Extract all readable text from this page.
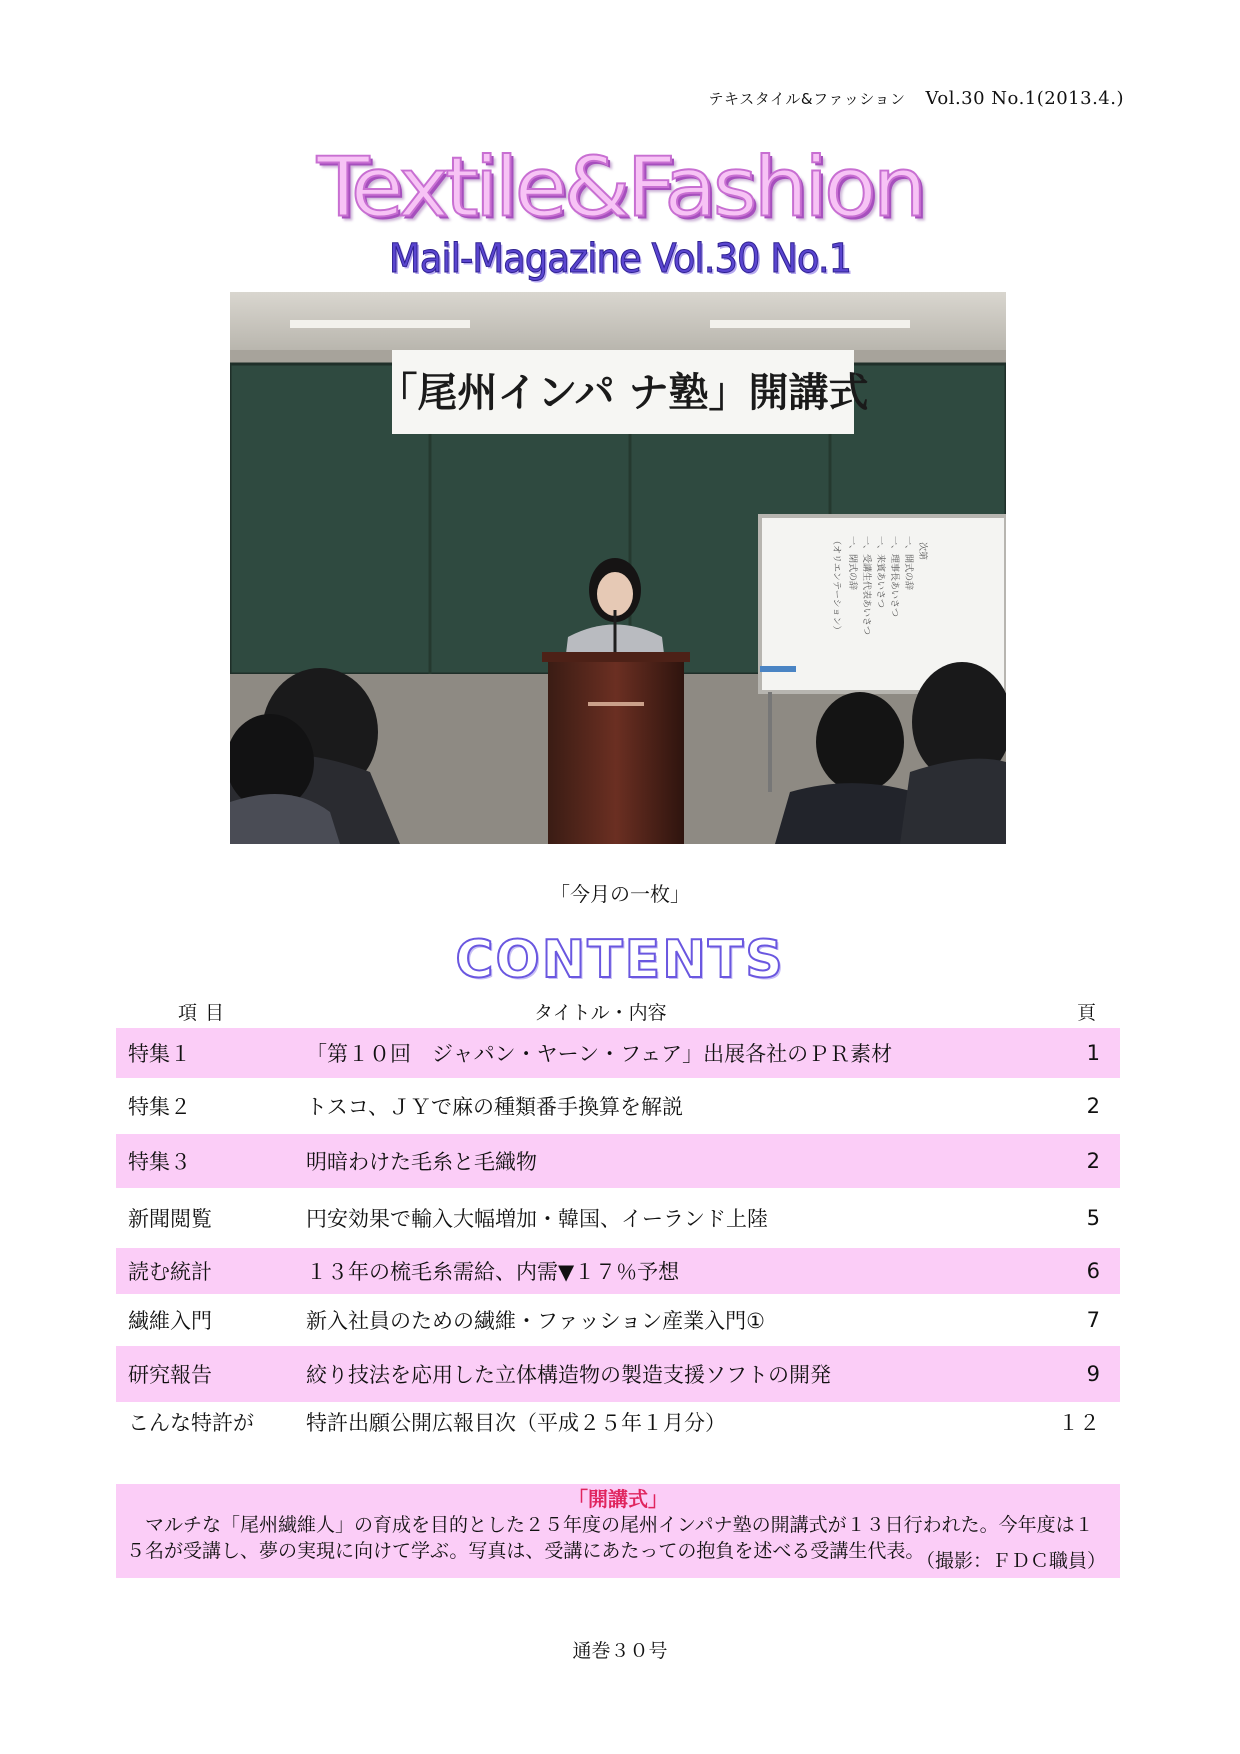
テキスタイル&ファッション Vol.30 No.1(2013.4.)
Textile&Fashion
Mail-Magazine Vol.30 No.1
「尾州インパ ナ塾」開講式
次第
一、開式の辞
一、理事長あいさつ
一、来賓あいさつ
一、受講生代表あいさつ
一、閉式の辞
（オリエンテーション）
「今月の一枚」
CONTENTS
項目	タイトル・内容	頁
特集１	「第１０回　ジャパン・ヤーン・フェア」出展各社のＰＲ素材	1
特集２	トスコ、ＪＹで麻の種類番手換算を解説	2
特集３	明暗わけた毛糸と毛織物	2
新聞閲覧	円安効果で輸入大幅増加・韓国、イーランド上陸	5
読む統計	１３年の梳毛糸需給、内需▼１７％予想	6
繊維入門	新入社員のための繊維・ファッション産業入門①	7
研究報告	絞り技法を応用した立体構造物の製造支援ソフトの開発	9
こんな特許が 特許出願公開広報目次（平成２５年１月分）	１２
「開講式」
　マルチな「尾州繊維人」の育成を目的とした２５年度の尾州インパナ塾の開講式が１３日行われた。今年度は１５名が受講し、夢の実現に向けて学ぶ。写真は、受講にあたっての抱負を述べる受講生代表。
（撮影：ＦＤＣ職員）
通巻３０号
